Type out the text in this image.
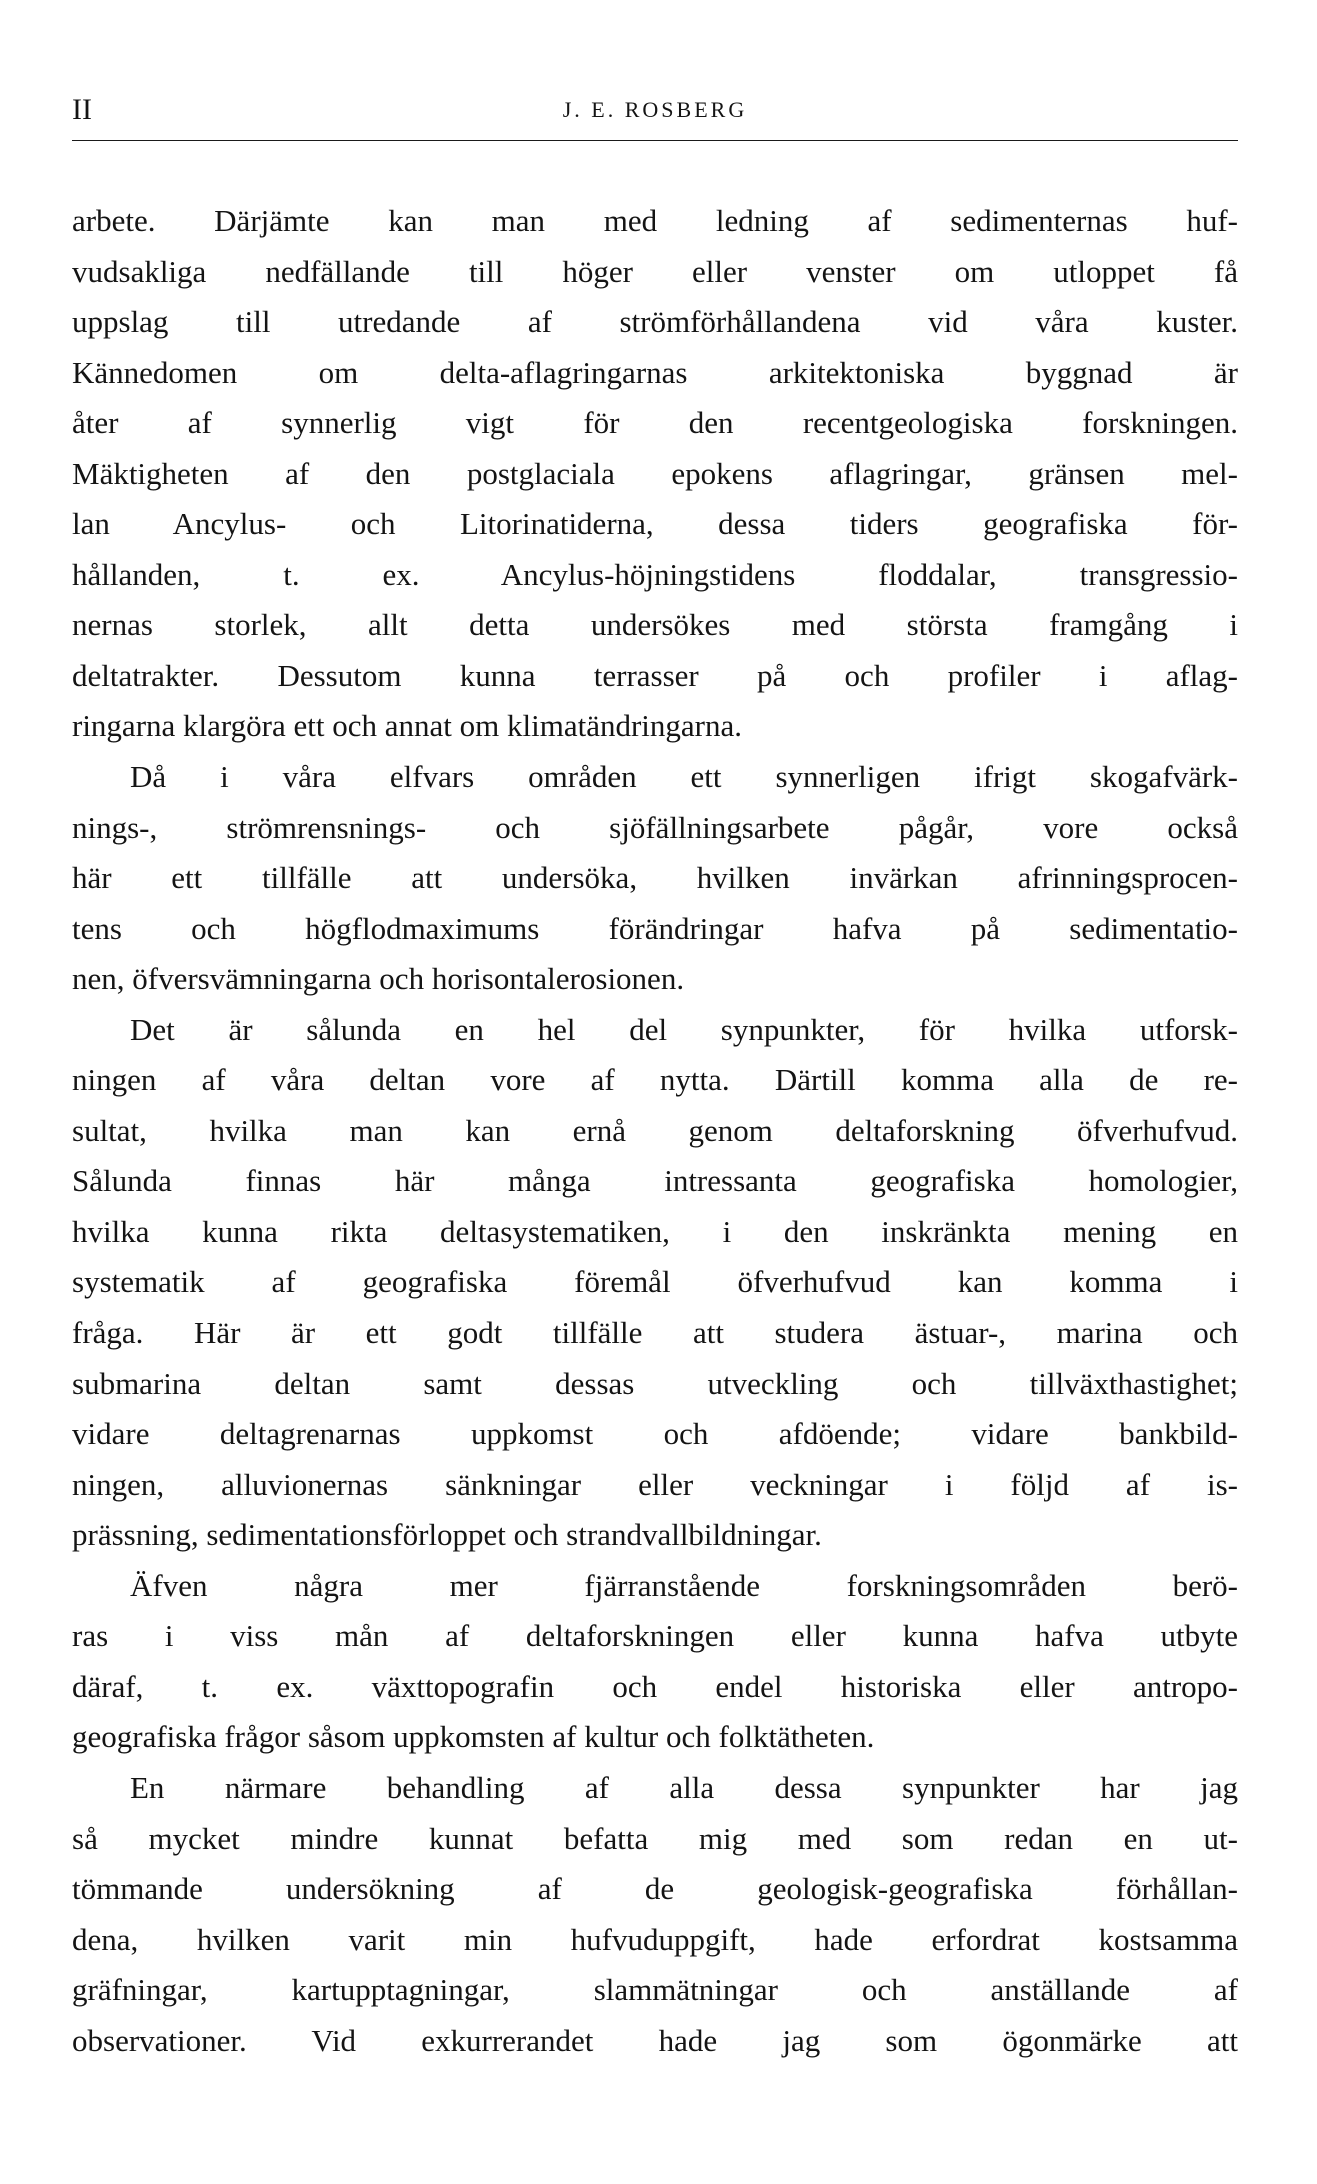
II	J. E. ROSBERG
arbete. Därjämte kan man med ledning af sedimenternas huf-
vudsakliga nedfällande till höger eller venster om utloppet få
uppslag till utredande af strömförhållandena vid våra kuster.
Kännedomen om delta-aflagringarnas arkitektoniska byggnad är
åter af synnerlig vigt för den recentgeologiska forskningen.
Mäktigheten af den postglaciala epokens aflagringar, gränsen mel-
lan Ancylus- och Litorinatiderna, dessa tiders geografiska för-
hållanden, t. ex. Ancylus-höjningstidens floddalar, transgressio-
nernas storlek, allt detta undersökes med största framgång i
deltatrakter. Dessutom kunna terrasser på och profiler i aflag-
ringarna klargöra ett och annat om klimatändringarna.
Då i våra elfvars områden ett synnerligen ifrigt skogafvärk-
nings-, strömrensnings- och sjöfällningsarbete pågår, vore också
här ett tillfälle att undersöka, hvilken invärkan afrinningsprocen-
tens och högflodmaximums förändringar hafva på sedimentatio-
nen, öfversvämningarna och horisontalerosionen.
Det är sålunda en hel del synpunkter, för hvilka utforsk-
ningen af våra deltan vore af nytta. Därtill komma alla de re-
sultat, hvilka man kan ernå genom deltaforskning öfverhufvud.
Sålunda finnas här många intressanta geografiska homologier,
hvilka kunna rikta deltasystematiken, i den inskränkta mening en
systematik af geografiska föremål öfverhufvud kan komma i
fråga. Här är ett godt tillfälle att studera ästuar-, marina och
submarina deltan samt dessas utveckling och tillväxthastighet;
vidare deltagrenarnas uppkomst och afdöende; vidare bankbild-
ningen, alluvionernas sänkningar eller veckningar i följd af is-
prässning, sedimentationsförloppet och strandvallbildningar.
Äfven några mer fjärranstående forskningsområden berö-
ras i viss mån af deltaforskningen eller kunna hafva utbyte
däraf, t. ex. växttopografin och endel historiska eller antropo-
geografiska frågor såsom uppkomsten af kultur och folktätheten.
En närmare behandling af alla dessa synpunkter har jag
så mycket mindre kunnat befatta mig med som redan en ut-
tömmande undersökning af de geologisk-geografiska förhållan-
dena, hvilken varit min hufvuduppgift, hade erfordrat kostsamma
gräfningar, kartupptagningar, slammätningar och anställande af
observationer. Vid exkurrerandet hade jag som ögonmärke att
